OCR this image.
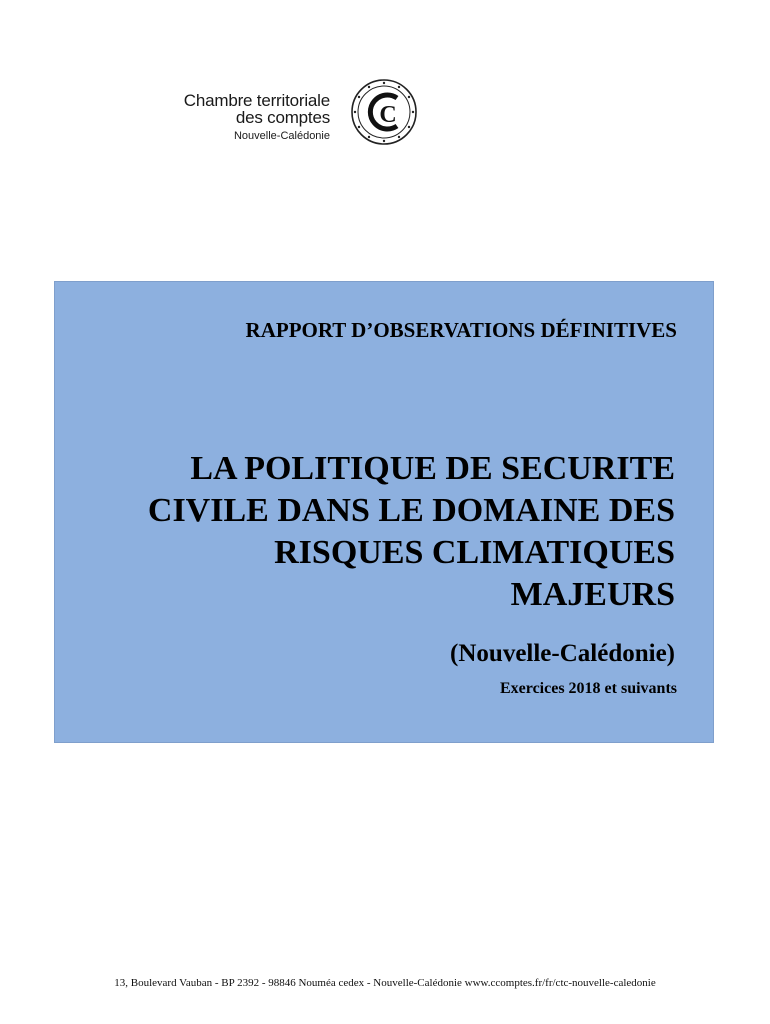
Chambre territoriale
des comptes
Nouvelle-Calédonie
C
RAPPORT D’OBSERVATIONS DÉFINITIVES
LA POLITIQUE DE SECURITE
CIVILE DANS LE DOMAINE DES
RISQUES CLIMATIQUES
MAJEURS

(Nouvelle-Calédonie)

Exercices 2018 et suivants

13, Boulevard Vauban - BP 2392 - 98846 Nouméa cedex - Nouvelle-Calédonie www.ccomptes.fr/fr/ctc-nouvelle-caledonie
